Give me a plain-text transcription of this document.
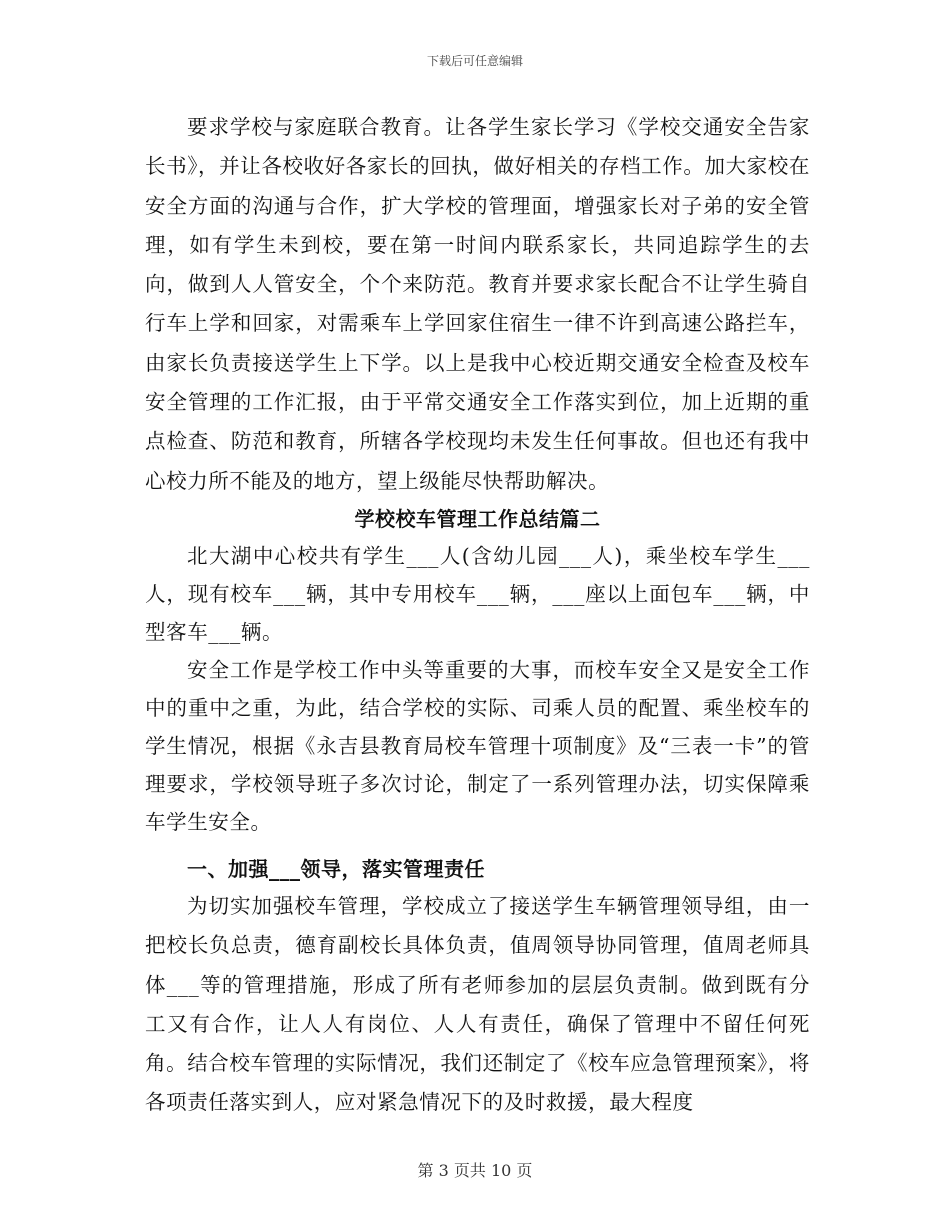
下载后可任意编辑

要求学校与家庭联合教育。让各学生家长学习《学校交通安全告家长书》，并让各校收好各家长的回执，做好相关的存档工作。加大家校在安全方面的沟通与合作，扩大学校的管理面，增强家长对子弟的安全管理，如有学生未到校，要在第一时间内联系家长，共同追踪学生的去向，做到人人管安全，个个来防范。教育并要求家长配合不让学生骑自行车上学和回家，对需乘车上学回家住宿生一律不许到高速公路拦车，由家长负责接送学生上下学。以上是我中心校近期交通安全检查及校车安全管理的工作汇报，由于平常交通安全工作落实到位，加上近期的重点检查、防范和教育，所辖各学校现均未发生任何事故。但也还有我中心校力所不能及的地方，望上级能尽快帮助解决。

学校校车管理工作总结篇二

北大湖中心校共有学生___人(含幼儿园___人)，乘坐校车学生___人，现有校车___辆，其中专用校车___辆，___座以上面包车___辆，中型客车___辆。

安全工作是学校工作中头等重要的大事，而校车安全又是安全工作中的重中之重，为此，结合学校的实际、司乘人员的配置、乘坐校车的学生情况，根据《永吉县教育局校车管理十项制度》及“三表一卡”的管理要求，学校领导班子多次讨论，制定了一系列管理办法，切实保障乘车学生安全。

一、加强___领导，落实管理责任

为切实加强校车管理，学校成立了接送学生车辆管理领导组，由一把校长负总责，德育副校长具体负责，值周领导协同管理，值周老师具体___等的管理措施，形成了所有老师参加的层层负责制。做到既有分工又有合作，让人人有岗位、人人有责任，确保了管理中不留任何死角。结合校车管理的实际情况，我们还制定了《校车应急管理预案》，将各项责任落实到人，应对紧急情况下的及时救援，最大程度

第 3 页共 10 页
